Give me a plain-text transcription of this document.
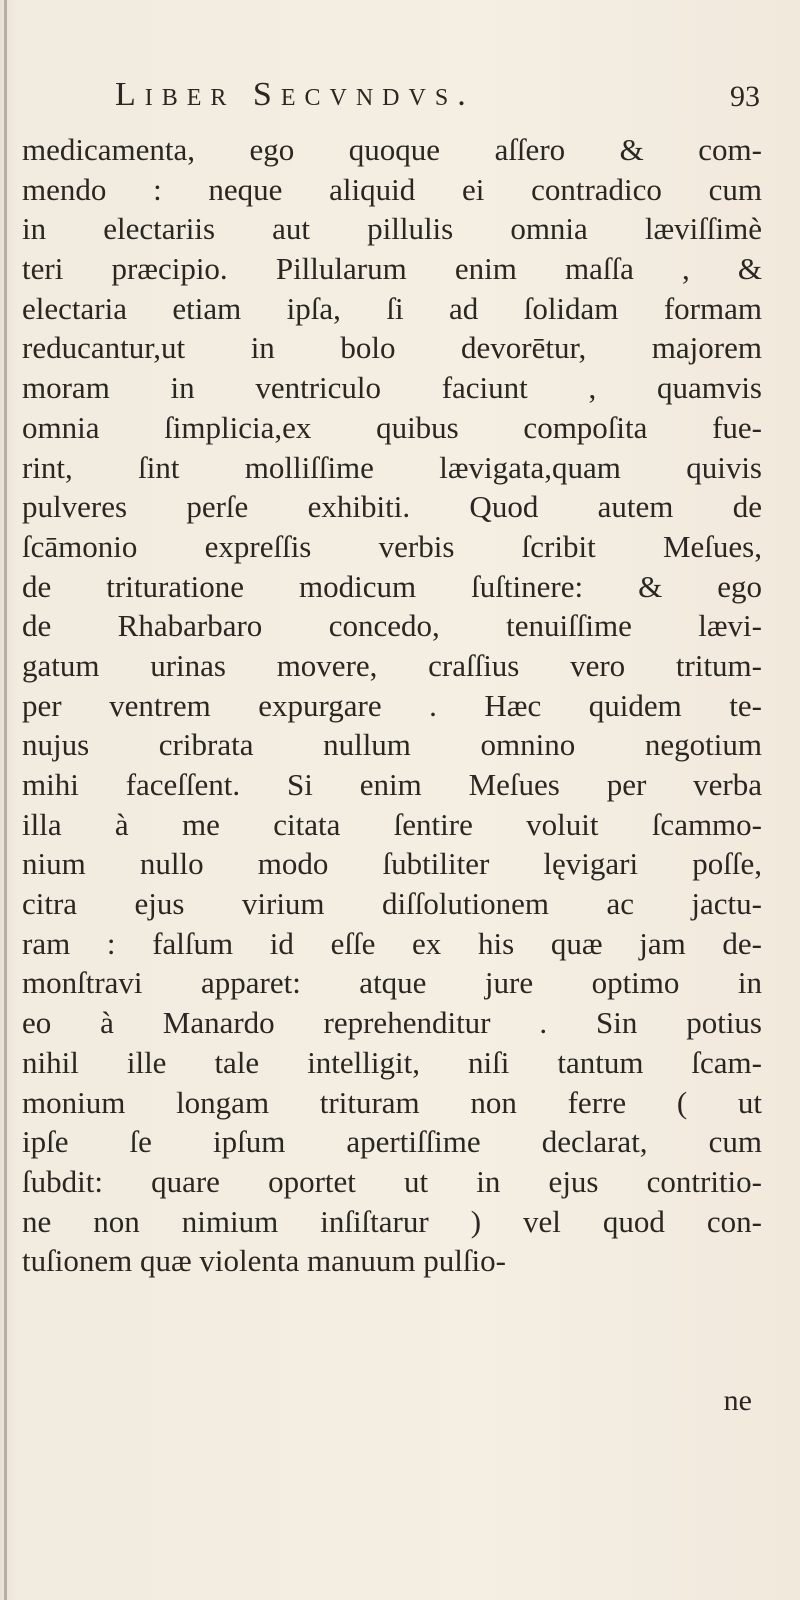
Liber Secvndvs.	93
medicamenta, ego quoque aſſero & com-
mendo : neque aliquid ei contradico cum
in electariis aut pillulis omnia læviſſimè
teri præcipio. Pillularum enim maſſa , &
electaria etiam ipſa, ſi ad ſolidam formam
reducantur,ut in bolo devorētur, majorem
moram in ventriculo faciunt , quamvis
omnia ſimplicia,ex quibus compoſita fue-
rint, ſint molliſſime lævigata,quam quivis
pulveres perſe exhibiti. Quod autem de
ſcāmonio expreſſis verbis ſcribit Meſues,
de trituratione modicum ſuſtinere: & ego
de Rhabarbaro concedo, tenuiſſime lævi-
gatum urinas movere, craſſius vero tritum-
per ventrem expurgare . Hæc quidem te-
nujus cribrata nullum omnino negotium
mihi faceſſent. Si enim Meſues per verba
illa à me citata ſentire voluit ſcammo-
nium nullo modo ſubtiliter lęvigari poſſe,
citra ejus virium diſſolutionem ac jactu-
ram : falſum id eſſe ex his quæ jam de-
monſtravi apparet: atque jure optimo in
eo à Manardo reprehenditur . Sin potius
nihil ille tale intelligit, niſi tantum ſcam-
monium longam trituram non ferre ( ut
ipſe ſe ipſum apertiſſime declarat, cum
ſubdit: quare oportet ut in ejus contritio-
ne non nimium inſiſtarur ) vel quod con-
tuſionem quæ violenta manuum pulſio-
ne
